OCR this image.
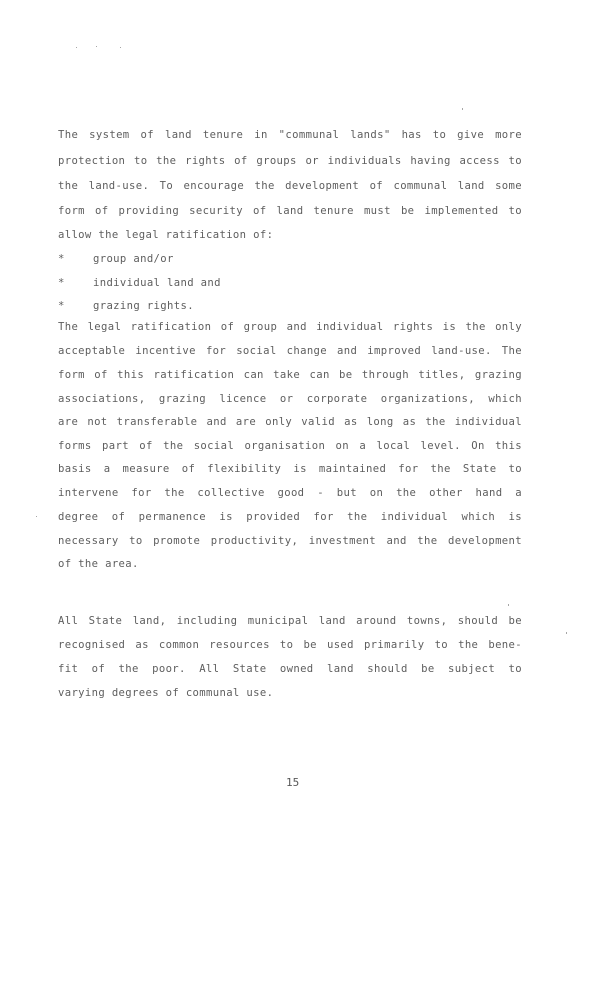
The system of land tenure in "communal lands" has to give more
protection to the rights of groups or individuals having access to
the land-use. To encourage the development of communal land some
form of providing security of land tenure must be implemented to
allow the legal ratification of:
*	group and/or
*	individual land and
*	grazing rights.
The legal ratification of group and individual rights is the only
acceptable incentive for social change and improved land-use. The
form of this ratification can take can be through titles, grazing
associations, grazing licence or corporate organizations, which
are not transferable and are only valid as long as the individual
forms part of the social organisation on a local level. On this
basis a measure of flexibility is maintained for the State to
intervene for the collective good - but on the other hand a
degree of permanence is provided for the individual which is
necessary to promote productivity, investment and the development
of the area.
All State land, including municipal land around towns, should be
recognised as common resources to be used primarily to the bene-
fit of the poor. All State owned land should be subject to
varying degrees of communal use.
15
